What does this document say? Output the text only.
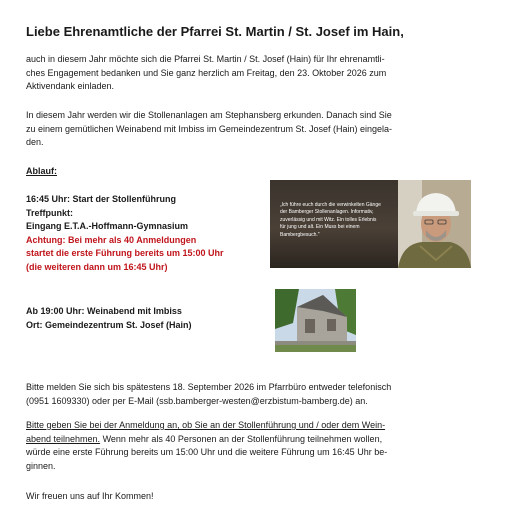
Liebe Ehrenamtliche der Pfarrei St. Martin / St. Josef im Hain,

auch in diesem Jahr möchte sich die Pfarrei St. Martin / St. Josef (Hain) für Ihr ehrenamtli-
ches Engagement bedanken und Sie ganz herzlich am Freitag, den 23. Oktober 2026 zum
Aktivendank einladen.

In diesem Jahr werden wir die Stollenanlagen am Stephansberg erkunden. Danach sind Sie
zu einem gemütlichen Weinabend mit Imbiss im Gemeindezentrum St. Josef (Hain) eingela-
den.

Ablauf:

16:45 Uhr: Start der Stollenführung
Treffpunkt:
Eingang E.T.A.-Hoffmann-Gymnasium
Achtung: Bei mehr als 40 Anmeldungen
startet die erste Führung bereits um 15:00 Uhr
(die weiteren dann um 16:45 Uhr)

„Ich führe euch durch die verwinkelten Gänge
der Bamberger Stollenanlagen. Informativ,
zuverlässig und mit Witz. Ein tolles Erlebnis
für jung und alt. Ein Muss bei einem
Bambergbesuch."

Ab 19:00 Uhr: Weinabend mit Imbiss
Ort: Gemeindezentrum St. Josef (Hain)

Bitte melden Sie sich bis spätestens 18. September 2026 im Pfarrbüro entweder telefonisch
(0951 1609330) oder per E-Mail (ssb.bamberger-westen@erzbistum-bamberg.de) an.

Bitte geben Sie bei der Anmeldung an, ob Sie an der Stollenführung und / oder dem Wein-
abend teilnehmen. Wenn mehr als 40 Personen an der Stollenführung teilnehmen wollen,
würde eine erste Führung bereits um 15:00 Uhr und die weitere Führung um 16:45 Uhr be-
ginnen.

Wir freuen uns auf Ihr Kommen!
